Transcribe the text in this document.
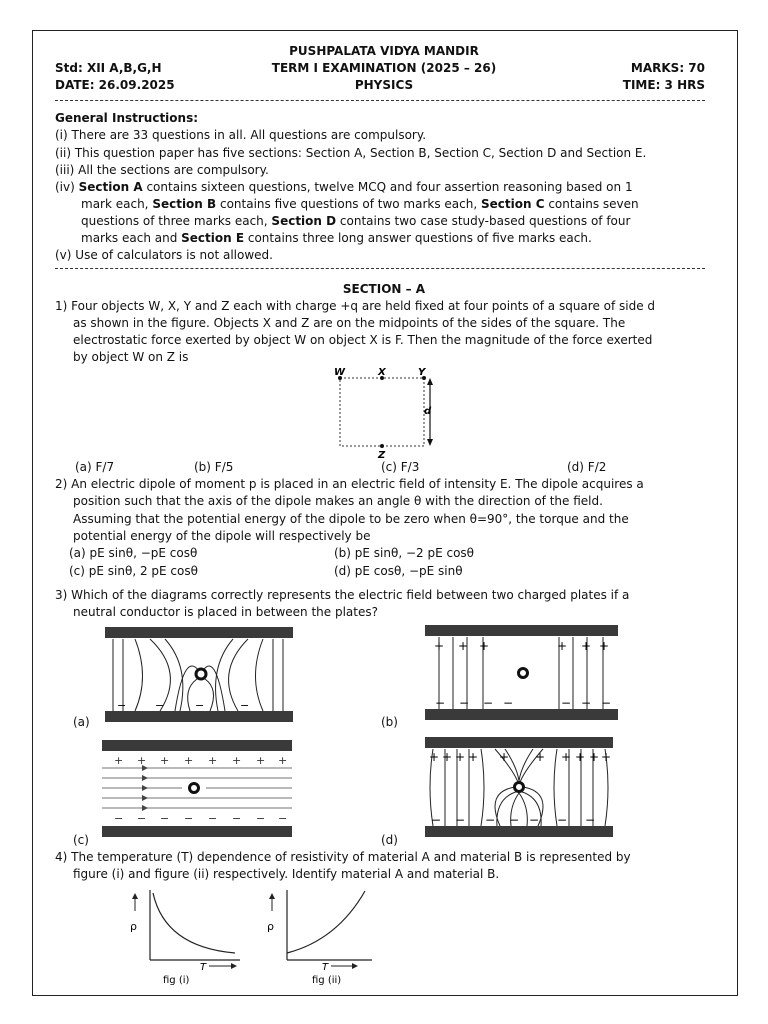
PUSHPALATA VIDYA MANDIR
Std: XII A,B,G,H	TERM I EXAMINATION (2025 – 26)	MARKS: 70
DATE: 26.09.2025	PHYSICS	TIME: 3 HRS
General Instructions:
(i) There are 33 questions in all. All questions are compulsory.
(ii) This question paper has five sections: Section A, Section B, Section C, Section D and Section E.
(iii) All the sections are compulsory.
(iv) Section A contains sixteen questions, twelve MCQ and four assertion reasoning based on 1
mark each, Section B contains five questions of two marks each, Section C contains seven
questions of three marks each, Section D contains two case study-based questions of four
marks each and Section E contains three long answer questions of five marks each.
(v) Use of calculators is not allowed.
SECTION – A
1) Four objects W, X, Y and Z each with charge +q are held fixed at four points of a square of side d
as shown in the figure. Objects X and Z are on the midpoints of the sides of the square. The
electrostatic force exerted by object W on object X is F. Then the magnitude of the force exerted
by object W on Z is
W	X	Y
Z
d
(a) F/7	(b) F/5	(c) F/3	(d) F/2
2) An electric dipole of moment p is placed in an electric field of intensity E. The dipole acquires a
position such that the axis of the dipole makes an angle θ with the direction of the field.
Assuming that the potential energy of the dipole to be zero when θ=90°, the torque and the
potential energy of the dipole will respectively be
(a) pE sinθ, −pE cosθ	(b) pE sinθ, −2 pE cosθ
(c) pE sinθ, 2 pE cosθ	(d) pE cosθ, −pE sinθ
3) Which of the diagrams correctly represents the electric field between two charged plates if a
neutral conductor is placed in between the plates?
(a)	(b)
(c)	(d)
−	−	−	−
+ + +	+ + +
− − − −	− − −
+ + + + + + + +
− − − − − − − −
+ + + + + + + + + +
− − − − − − −
4) The temperature (T) dependence of resistivity of material A and material B is represented by
figure (i) and figure (ii) respectively. Identify material A and material B.
ρ
T
fig (i)
ρ
T
fig (ii)
